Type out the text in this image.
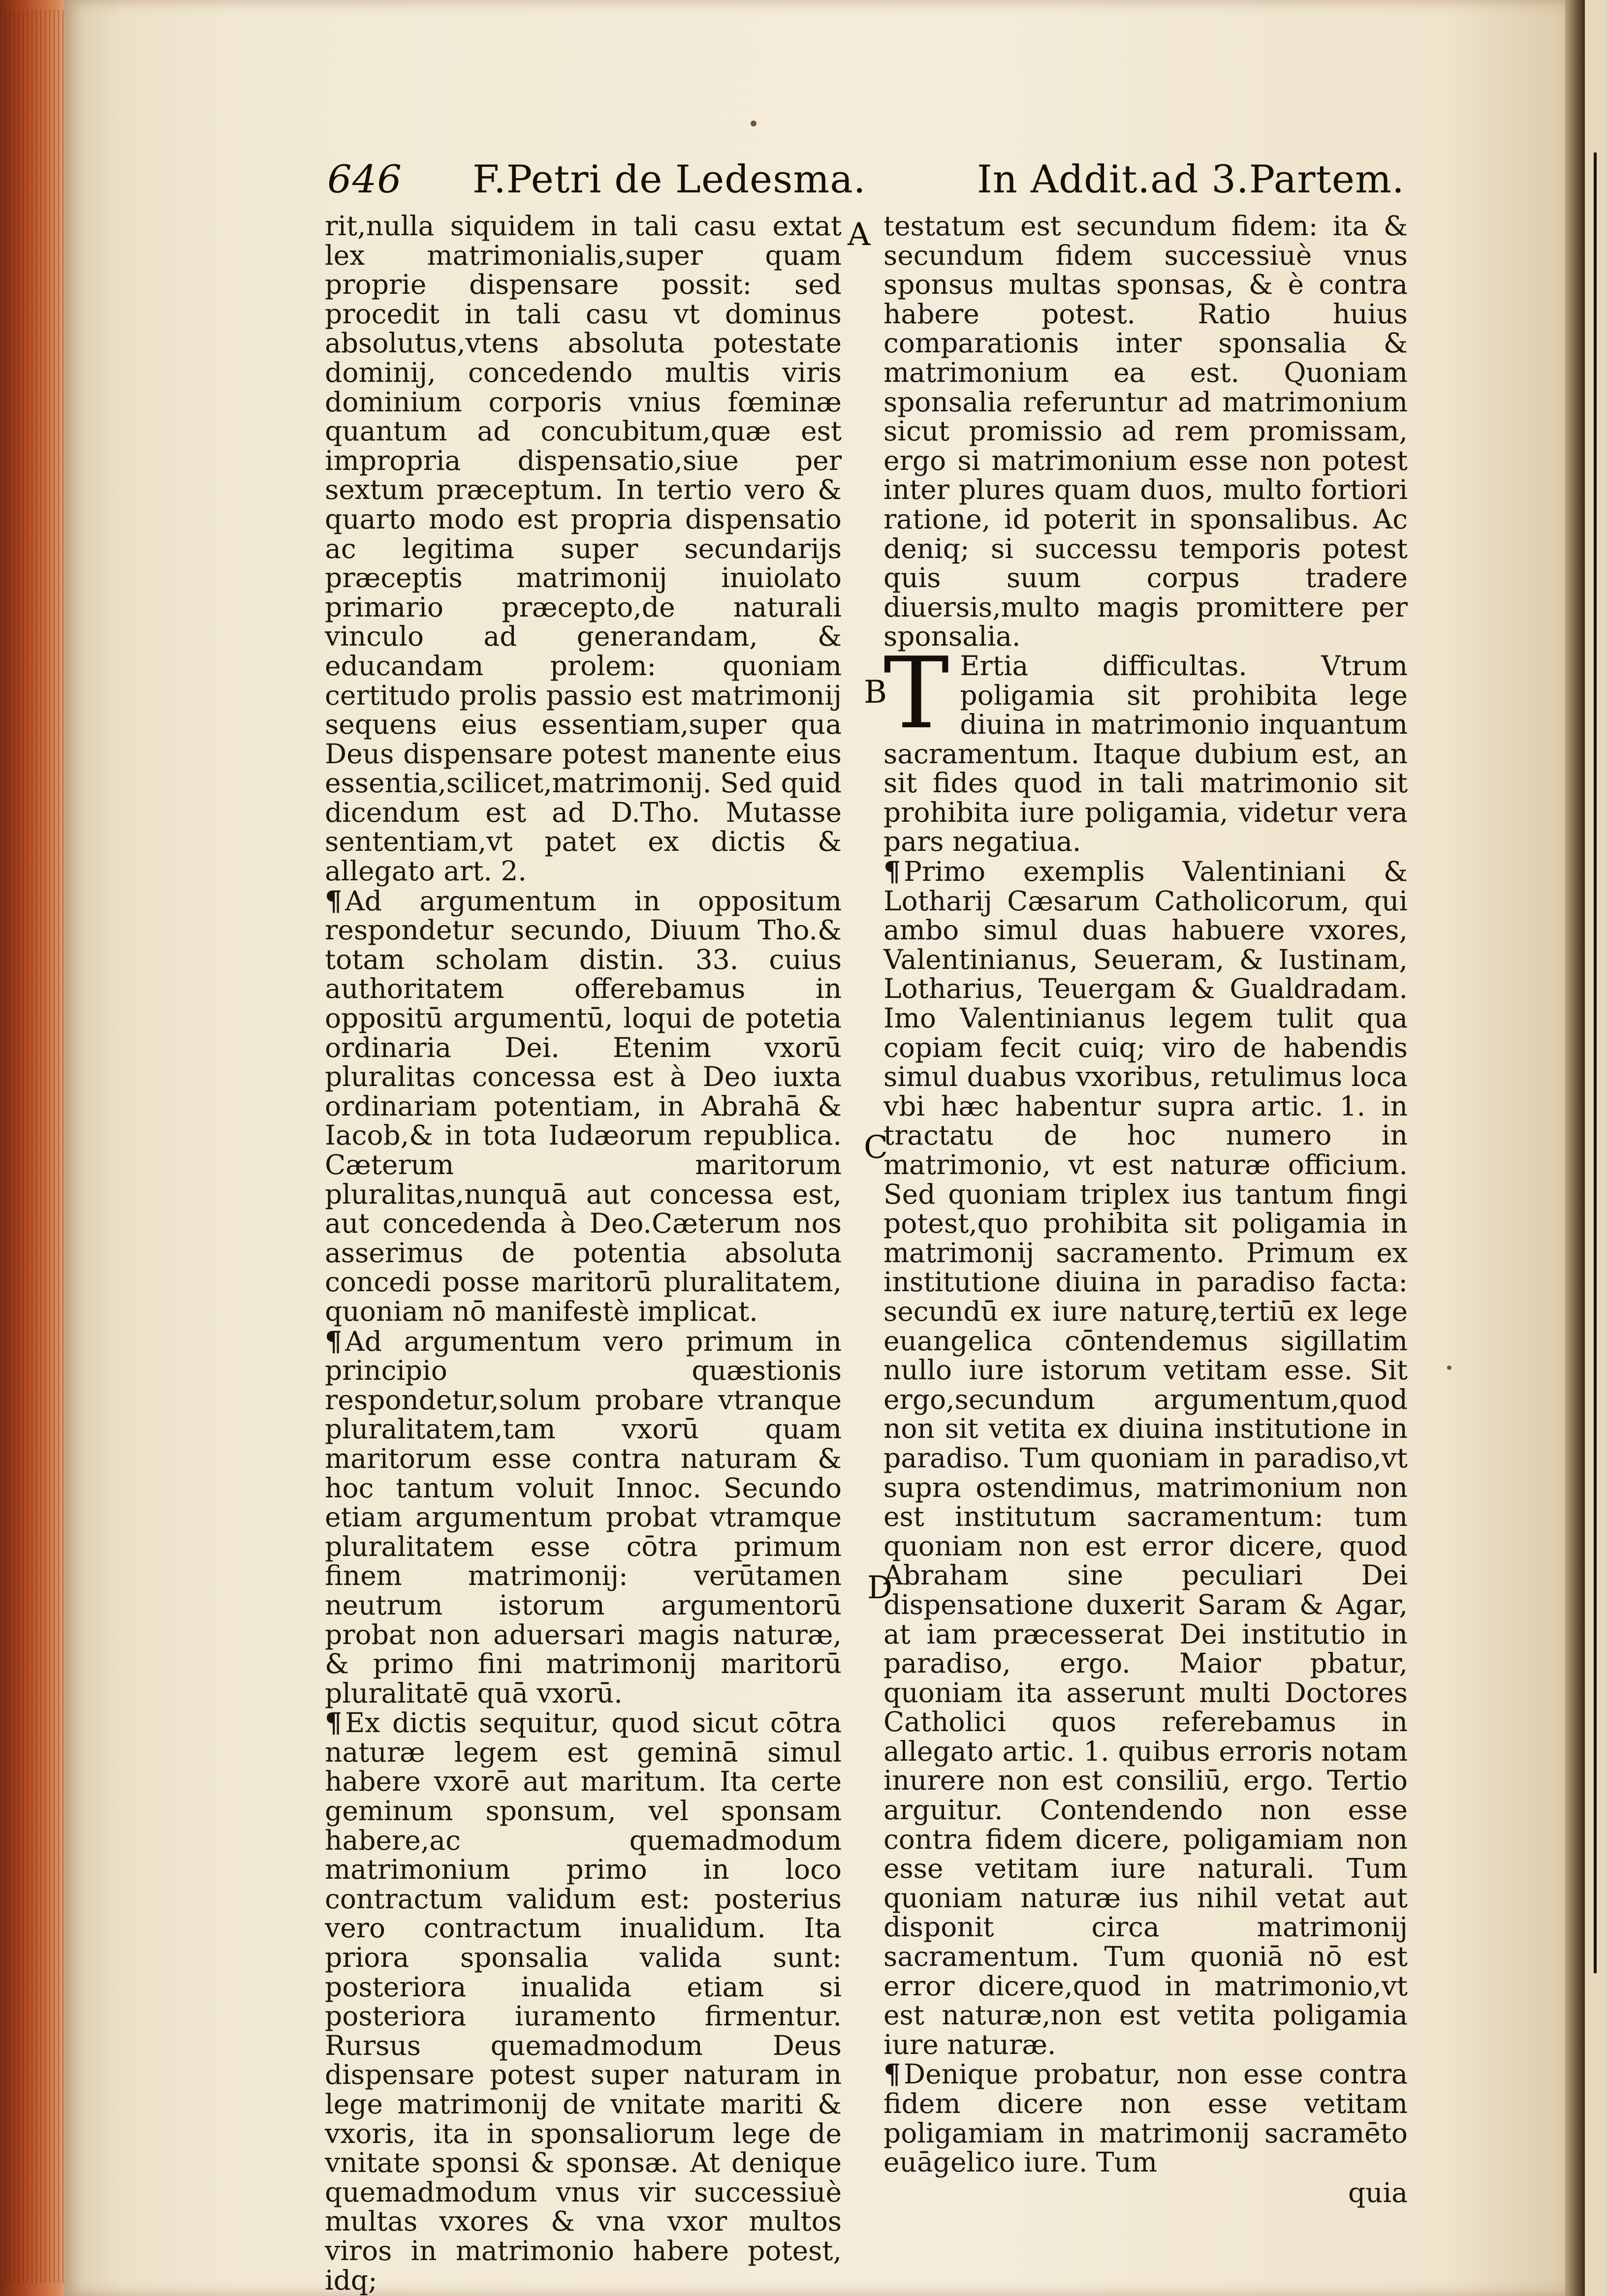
646 F.Petri de Ledesma.	In Addit.ad 3.Partem.
A
B
C
D

rit,nulla siquidem in tali casu extat lex matrimonialis,super quam proprie dispensare possit: sed procedit in tali casu vt dominus absolutus,vtens absoluta potestate dominij, concedendo multis viris dominium corporis vnius fœminæ quantum ad concubitum,quæ est impropria dispensatio,siue per sextum præceptum. In tertio vero & quarto modo est propria dispensatio ac legitima super secundarijs præceptis matrimonij inuiolato primario præcepto,de naturali vinculo ad generandam, & educandam prolem: quoniam certitudo prolis passio est matrimonij sequens eius essentiam,super qua Deus dispensare potest manente eius essentia,scilicet,matrimonij. Sed quid dicendum est ad D.Tho. Mutasse sententiam,vt patet ex dictis & allegato art. 2.

¶ Ad argumentum in oppositum respondetur secundo, Diuum Tho.& totam scholam distin. 33. cuius authoritatem offerebamus in oppositū argumentū, loqui de potetia ordinaria Dei. Etenim vxorū pluralitas concessa est à Deo iuxta ordinariam potentiam, in Abrahā & Iacob,& in tota Iudæorum republica. Cæterum maritorum pluralitas,nunquā aut concessa est, aut concedenda à Deo.Cæterum nos asserimus de potentia absoluta concedi posse maritorū pluralitatem, quoniam nō manifestè implicat.

¶ Ad argumentum vero primum in principio quæstionis respondetur,solum probare vtranque pluralitatem,tam vxorū quam maritorum esse contra naturam & hoc tantum voluit Innoc. Secundo etiam argumentum probat vtramque pluralitatem esse cōtra primum finem matrimonij: verūtamen neutrum istorum argumentorū probat non aduersari magis naturæ, & primo fini matrimonij maritorū pluralitatē quā vxorū.

¶ Ex dictis sequitur, quod sicut cōtra naturæ legem est geminā simul habere vxorē aut maritum. Ita certe geminum sponsum, vel sponsam habere,ac quemadmodum matrimonium primo in loco contractum validum est: posterius vero contractum inualidum. Ita priora sponsalia valida sunt: posteriora inualida etiam si posteriora iuramento firmentur. Rursus quemadmodum Deus dispensare potest super naturam in lege matrimonij de vnitate mariti & vxoris, ita in sponsaliorum lege de vnitate sponsi & sponsæ. At denique quemadmodum vnus vir successiuè multas vxores & vna vxor multos viros in matrimonio habere potest, idq;

testatum est secundum fidem: ita & secundum fidem successiuè vnus sponsus multas sponsas, & è contra habere potest. Ratio huius comparationis inter sponsalia & matrimonium ea est. Quoniam sponsalia referuntur ad matrimonium sicut promissio ad rem promissam, ergo si matrimonium esse non potest inter plures quam duos, multo fortiori ratione, id poterit in sponsalibus. Ac deniq; si successu temporis potest quis suum corpus tradere diuersis,multo magis promittere per sponsalia.

T Ertia difficultas. Vtrum poligamia sit prohibita lege diuina in matrimonio inquantum sacramentum. Itaque dubium est, an sit fides quod in tali matrimonio sit prohibita iure poligamia, videtur vera pars negatiua.

¶ Primo exemplis Valentiniani & Lotharij Cæsarum Catholicorum, qui ambo simul duas habuere vxores, Valentinianus, Seueram, & Iustinam, Lotharius, Teuergam & Gualdradam. Imo Valentinianus legem tulit qua copiam fecit cuiq; viro de habendis simul duabus vxoribus, retulimus loca vbi hæc habentur supra artic. 1. in tractatu de hoc numero in matrimonio, vt est naturæ officium. Sed quoniam triplex ius tantum fingi potest,quo prohibita sit poligamia in matrimonij sacramento. Primum ex institutione diuina in paradiso facta: secundū ex iure naturę,tertiū ex lege euangelica cōntendemus sigillatim nullo iure istorum vetitam esse. Sit ergo,secundum argumentum,quod non sit vetita ex diuina institutione in paradiso. Tum quoniam in paradiso,vt supra ostendimus, matrimonium non est institutum sacramentum: tum quoniam non est error dicere, quod Abraham sine peculiari Dei dispensatione duxerit Saram & Agar, at iam præcesserat Dei institutio in paradiso, ergo. Maior pbatur, quoniam ita asserunt multi Doctores Catholici quos referebamus in allegato artic. 1. quibus erroris notam inurere non est consiliū, ergo. Tertio arguitur. Contendendo non esse contra fidem dicere, poligamiam non esse vetitam iure naturali. Tum quoniam naturæ ius nihil vetat aut disponit circa matrimonij sacramentum. Tum quoniā nō est error dicere,quod in matrimonio,vt est naturæ,non est vetita poligamia iure naturæ.

¶ Denique probatur, non esse contra fidem dicere non esse vetitam poligamiam in matrimonij sacramēto euāgelico iure. Tum

quia
